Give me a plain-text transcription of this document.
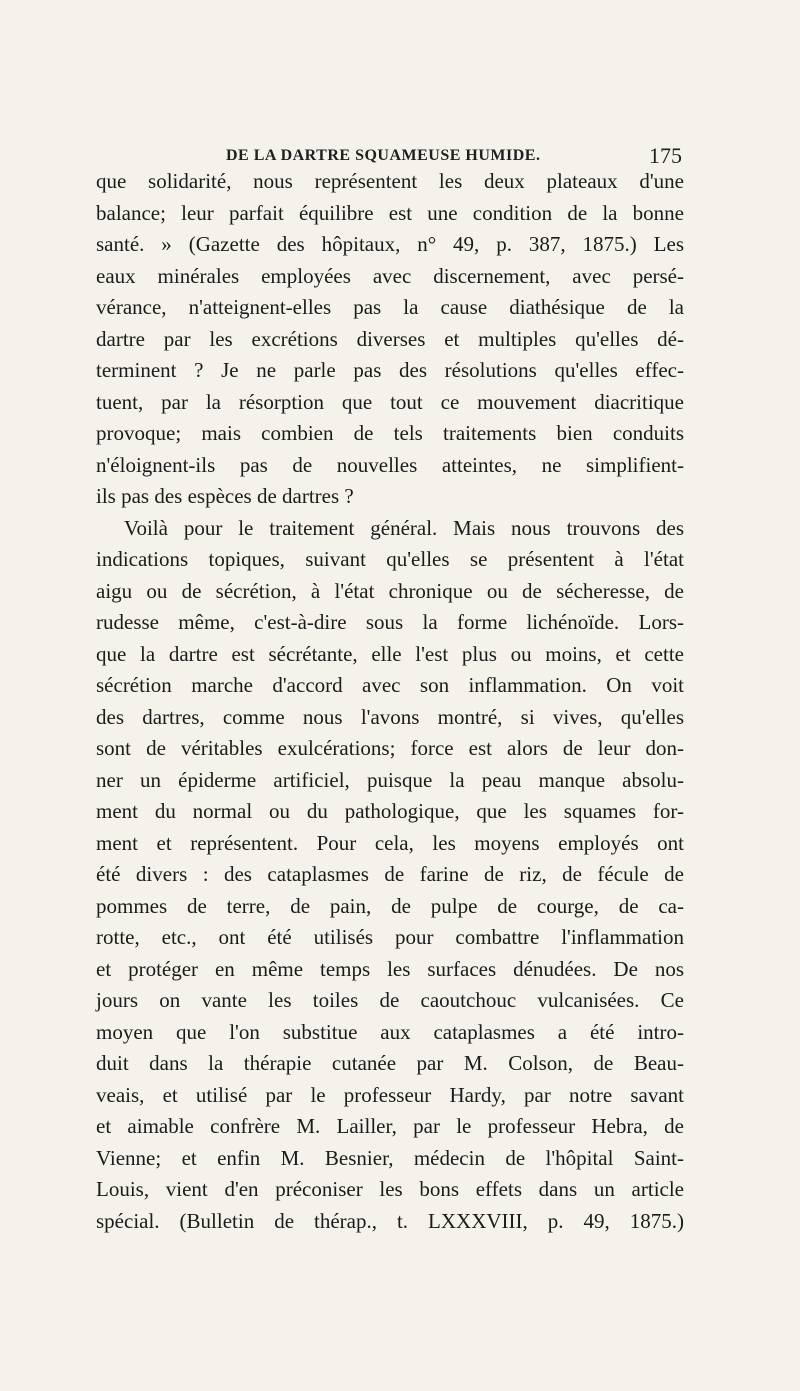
DE LA DARTRE SQUAMEUSE HUMIDE.	175
que solidarité, nous représentent les deux plateaux d'une
balance; leur parfait équilibre est une condition de la bonne
santé. » (Gazette des hôpitaux, n° 49, p. 387, 1875.) Les
eaux minérales employées avec discernement, avec persé-
vérance, n'atteignent-elles pas la cause diathésique de la
dartre par les excrétions diverses et multiples qu'elles dé-
terminent ? Je ne parle pas des résolutions qu'elles effec-
tuent, par la résorption que tout ce mouvement diacritique
provoque; mais combien de tels traitements bien conduits
n'éloignent-ils pas de nouvelles atteintes, ne simplifient-
ils pas des espèces de dartres ?
Voilà pour le traitement général. Mais nous trouvons des
indications topiques, suivant qu'elles se présentent à l'état
aigu ou de sécrétion, à l'état chronique ou de sécheresse, de
rudesse même, c'est-à-dire sous la forme lichénoïde. Lors-
que la dartre est sécrétante, elle l'est plus ou moins, et cette
sécrétion marche d'accord avec son inflammation. On voit
des dartres, comme nous l'avons montré, si vives, qu'elles
sont de véritables exulcérations; force est alors de leur don-
ner un épiderme artificiel, puisque la peau manque absolu-
ment du normal ou du pathologique, que les squames for-
ment et représentent. Pour cela, les moyens employés ont
été divers : des cataplasmes de farine de riz, de fécule de
pommes de terre, de pain, de pulpe de courge, de ca-
rotte, etc., ont été utilisés pour combattre l'inflammation
et protéger en même temps les surfaces dénudées. De nos
jours on vante les toiles de caoutchouc vulcanisées. Ce
moyen que l'on substitue aux cataplasmes a été intro-
duit dans la thérapie cutanée par M. Colson, de Beau-
veais, et utilisé par le professeur Hardy, par notre savant
et aimable confrère M. Lailler, par le professeur Hebra, de
Vienne; et enfin M. Besnier, médecin de l'hôpital Saint-
Louis, vient d'en préconiser les bons effets dans un article
spécial. (Bulletin de thérap., t. LXXXVIII, p. 49, 1875.)
